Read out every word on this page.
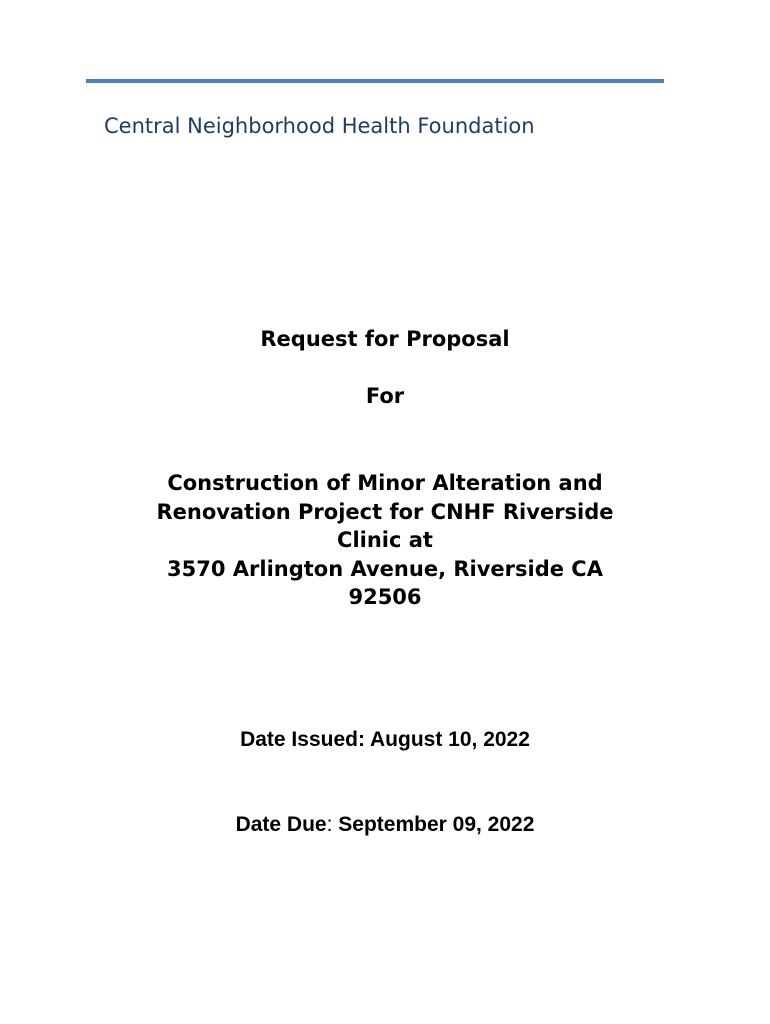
Central Neighborhood Health Foundation
Request for Proposal
For
Construction of Minor Alteration and
Renovation Project for CNHF Riverside
Clinic at
3570 Arlington Avenue, Riverside CA
92506
Date Issued: August 10, 2022
Date Due: September 09, 2022
